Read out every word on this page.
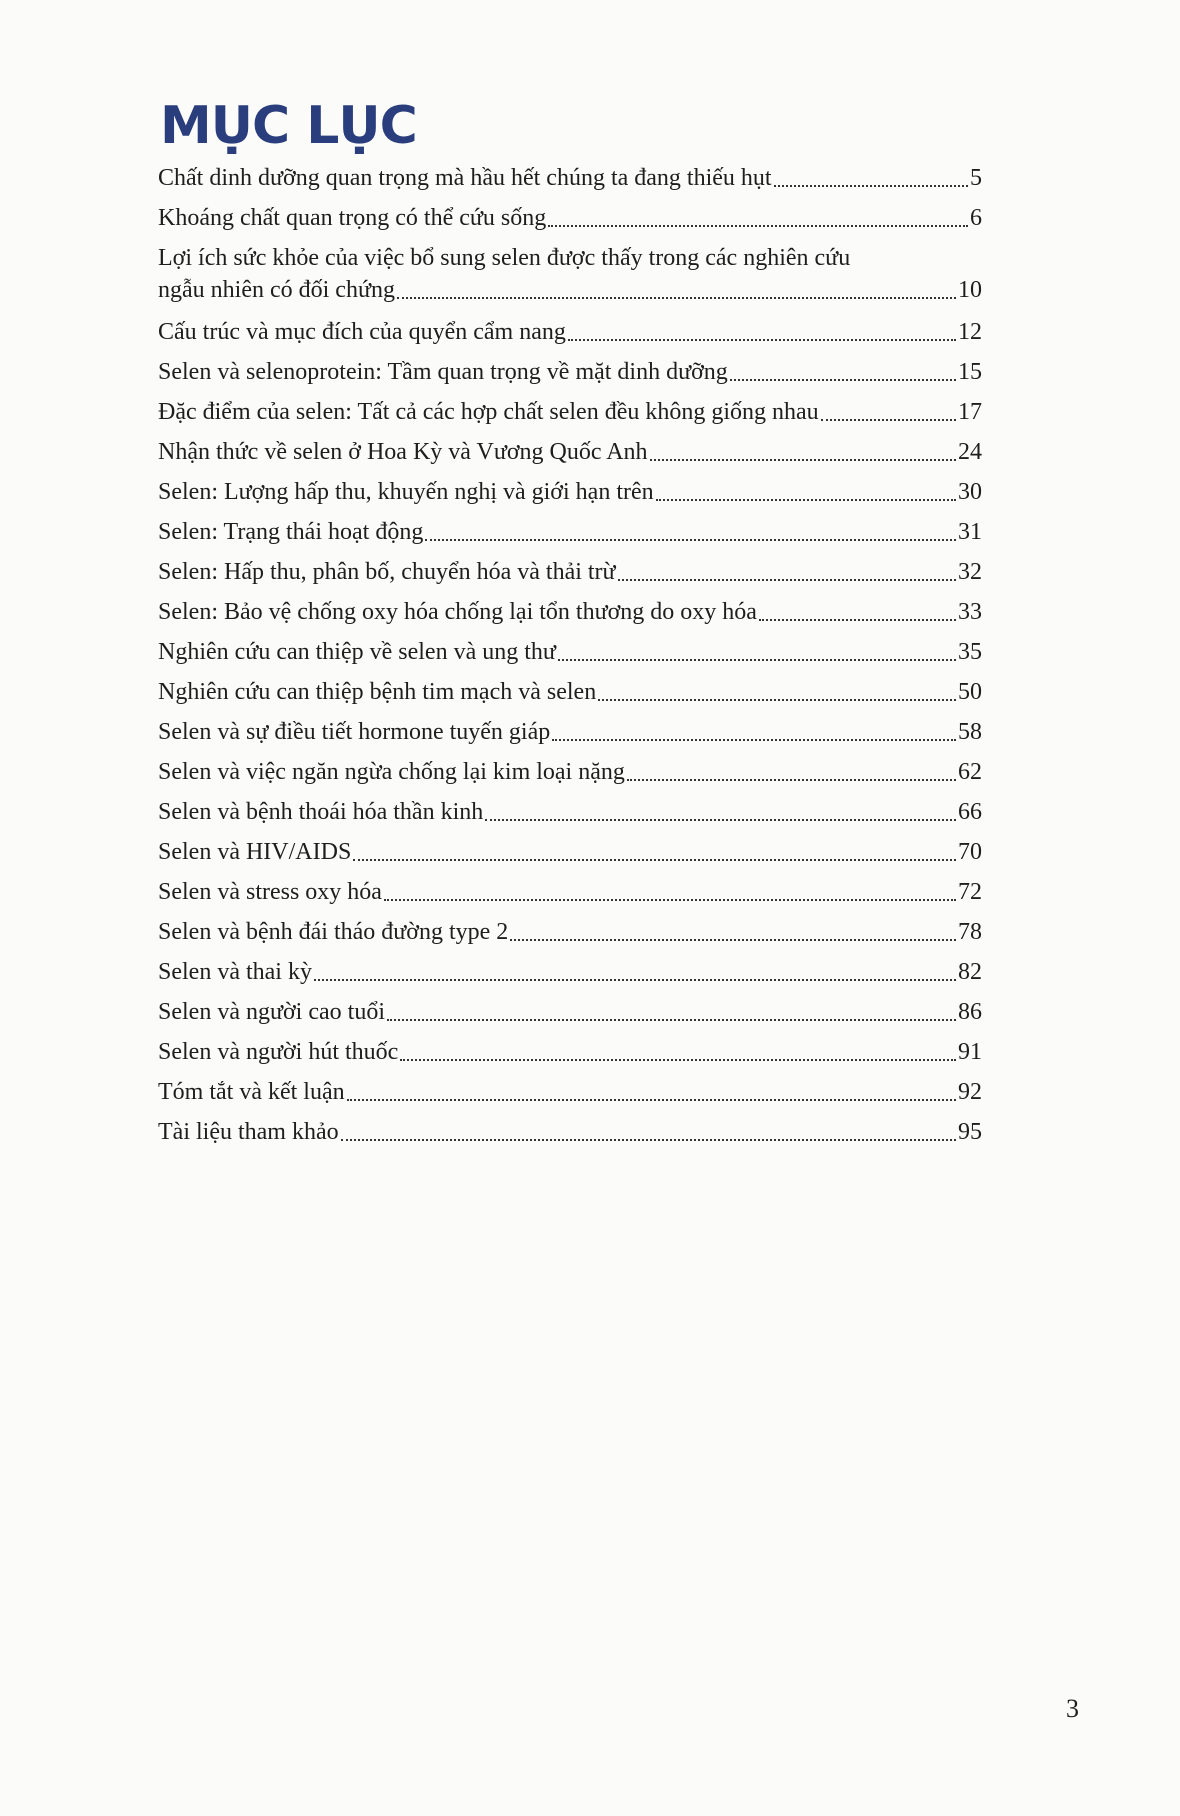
MỤC LỤC
Chất dinh dưỡng quan trọng mà hầu hết chúng ta đang thiếu hụt	5
Khoáng chất quan trọng có thể cứu sống	6
Lợi ích sức khỏe của việc bổ sung selen được thấy trong các nghiên cứu
ngẫu nhiên có đối chứng	10
Cấu trúc và mục đích của quyển cẩm nang	12
Selen và selenoprotein: Tầm quan trọng về mặt dinh dưỡng	15
Đặc điểm của selen: Tất cả các hợp chất selen đều không giống nhau	17
Nhận thức về selen ở Hoa Kỳ và Vương Quốc Anh	24
Selen: Lượng hấp thu, khuyến nghị và giới hạn trên	30
Selen: Trạng thái hoạt động	31
Selen: Hấp thu, phân bố, chuyển hóa và thải trừ	32
Selen: Bảo vệ chống oxy hóa chống lại tổn thương do oxy hóa	33
Nghiên cứu can thiệp về selen và ung thư	35
Nghiên cứu can thiệp bệnh tim mạch và selen	50
Selen và sự điều tiết hormone tuyến giáp	58
Selen và việc ngăn ngừa chống lại kim loại nặng	62
Selen và bệnh thoái hóa thần kinh	66
Selen và HIV/AIDS	70
Selen và stress oxy hóa	72
Selen và bệnh đái tháo đường type 2	78
Selen và thai kỳ	82
Selen và người cao tuổi	86
Selen và người hút thuốc	91
Tóm tắt và kết luận	92
Tài liệu tham khảo	95
3
